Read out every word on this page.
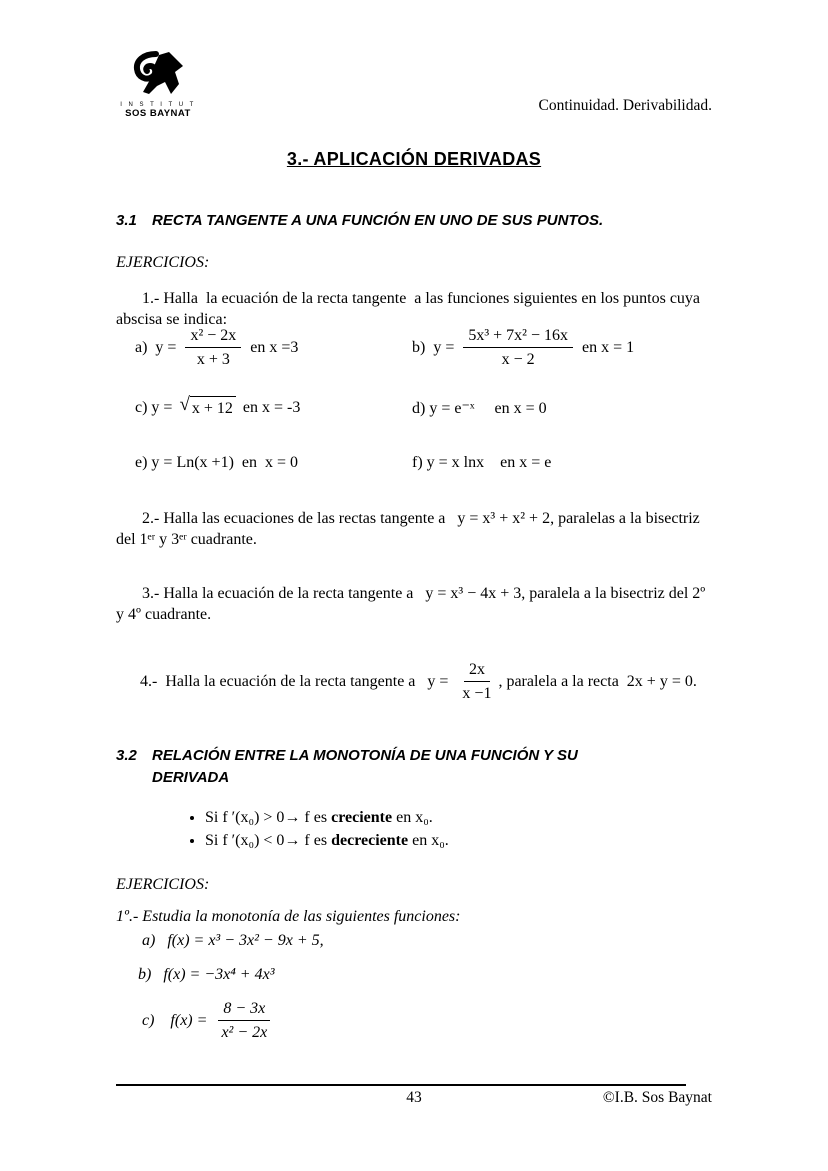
I N S T I T U T
SOS BAYNAT	Continuidad. Derivabilidad.
3.- APLICACIÓN DERIVADAS
3.1 RECTA TANGENTE A UNA FUNCIÓN EN UNO DE SUS PUNTOS.
EJERCICIOS:
1.- Halla  la ecuación de la recta tangente  a las funciones siguientes en los puntos cuya abscisa se indica:
a)  $y = \frac{\text{x² − 2x}}{x + 3}$ en x =3	b)  $y = \frac{\text{5x³ + 7x² − 16x}}{x - 2}$ en x = 1
c) y = √ x + 12 en x = -3	d) y = e⁻ˣ     en x = 0
e) y = Ln(x +1)  en  x = 0	f) y = x lnx    en x = e
2.- Halla las ecuaciones de las rectas tangente a   y = x³ + x² + 2, paralelas a la bisectriz del 1ᵉʳ y 3ᵉʳ cuadrante.
3.- Halla la ecuación de la recta tangente a   y = x³ − 4x + 3, paralela a la bisectriz del 2º y 4º cuadrante.
4.-  Halla la ecuación de la recta tangente a   $y = \frac{2x}{x -1}$ , paralela a la recta  2x + y = 0.
3.2 RELACIÓN ENTRE LA MONOTONÍA DE UNA FUNCIÓN Y SU
DERIVADA
• Si f ′(x₀) > 0→ f es creciente en x₀.
• Si f ′(x₀) < 0→ f es decreciente en x₀.
EJERCICIOS:
1º.- Estudia la monotonía de las siguientes funciones:
a)   f(x) = x³ − 3x² − 9x + 5,
b)   f(x) = −3x⁴ + 4x³
c)    $f(x) = \frac{8 - 3x}{\text{x² − 2x}}$
43	©I.B. Sos Baynat
